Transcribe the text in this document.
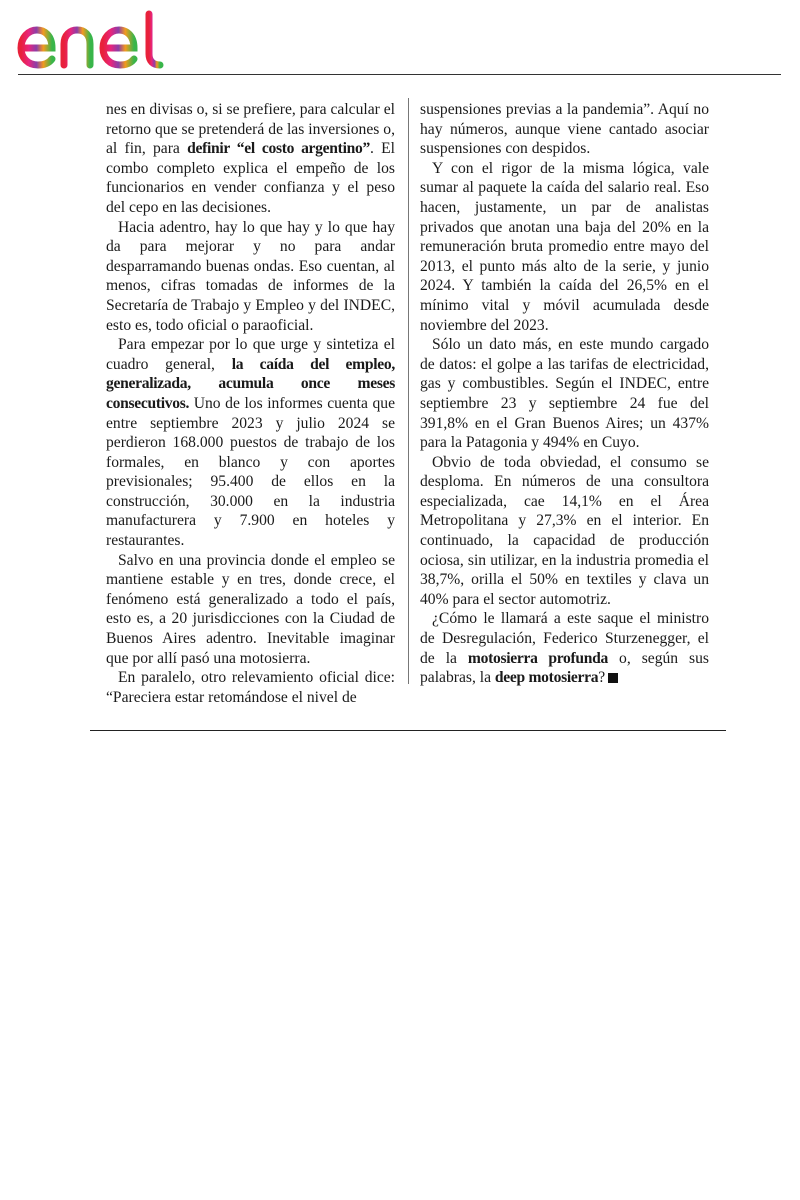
nes en divisas o, si se prefiere, para calcular el retorno que se pretenderá de las inversiones o, al fin, para definir “el costo argentino”. El combo completo explica el empeño de los funcionarios en vender confianza y el peso del cepo en las decisiones.

Hacia adentro, hay lo que hay y lo que hay da para mejorar y no para andar desparramando buenas ondas. Eso cuentan, al menos, cifras tomadas de informes de la Secretaría de Trabajo y Empleo y del INDEC, esto es, todo oficial o paraoficial.

Para empezar por lo que urge y sintetiza el cuadro general, la caída del empleo, generalizada, acumula once meses consecutivos. Uno de los informes cuenta que entre septiembre 2023 y julio 2024 se perdieron 168.000 puestos de trabajo de los formales, en blanco y con aportes previsionales; 95.400 de ellos en la construcción, 30.000 en la industria manufacturera y 7.900 en hoteles y restaurantes.

Salvo en una provincia donde el empleo se mantiene estable y en tres, donde crece, el fenómeno está generalizado a todo el país, esto es, a 20 jurisdicciones con la Ciudad de Buenos Aires adentro. Inevitable imaginar que por allí pasó una motosierra.

En paralelo, otro relevamiento oficial dice: “Pareciera estar retomándose el nivel de

suspensiones previas a la pandemia”. Aquí no hay números, aunque viene cantado asociar suspensiones con despidos.

Y con el rigor de la misma lógica, vale sumar al paquete la caída del salario real. Eso hacen, justamente, un par de analistas privados que anotan una baja del 20% en la remuneración bruta promedio entre mayo del 2013, el punto más alto de la serie, y junio 2024. Y también la caída del 26,5% en el mínimo vital y móvil acumulada desde noviembre del 2023.

Sólo un dato más, en este mundo cargado de datos: el golpe a las tarifas de electricidad, gas y combustibles. Según el INDEC, entre septiembre 23 y septiembre 24 fue del 391,8% en el Gran Buenos Aires; un 437% para la Patagonia y 494% en Cuyo.

Obvio de toda obviedad, el consumo se desploma. En números de una consultora especializada, cae 14,1% en el Área Metropolitana y 27,3% en el interior. En continuado, la capacidad de producción ociosa, sin utilizar, en la industria promedia el 38,7%, orilla el 50% en textiles y clava un 40% para el sector automotriz.

¿Cómo le llamará a este saque el ministro de Desregulación, Federico Sturzenegger, el de la motosierra profunda o, según sus palabras, la deep motosierra?
